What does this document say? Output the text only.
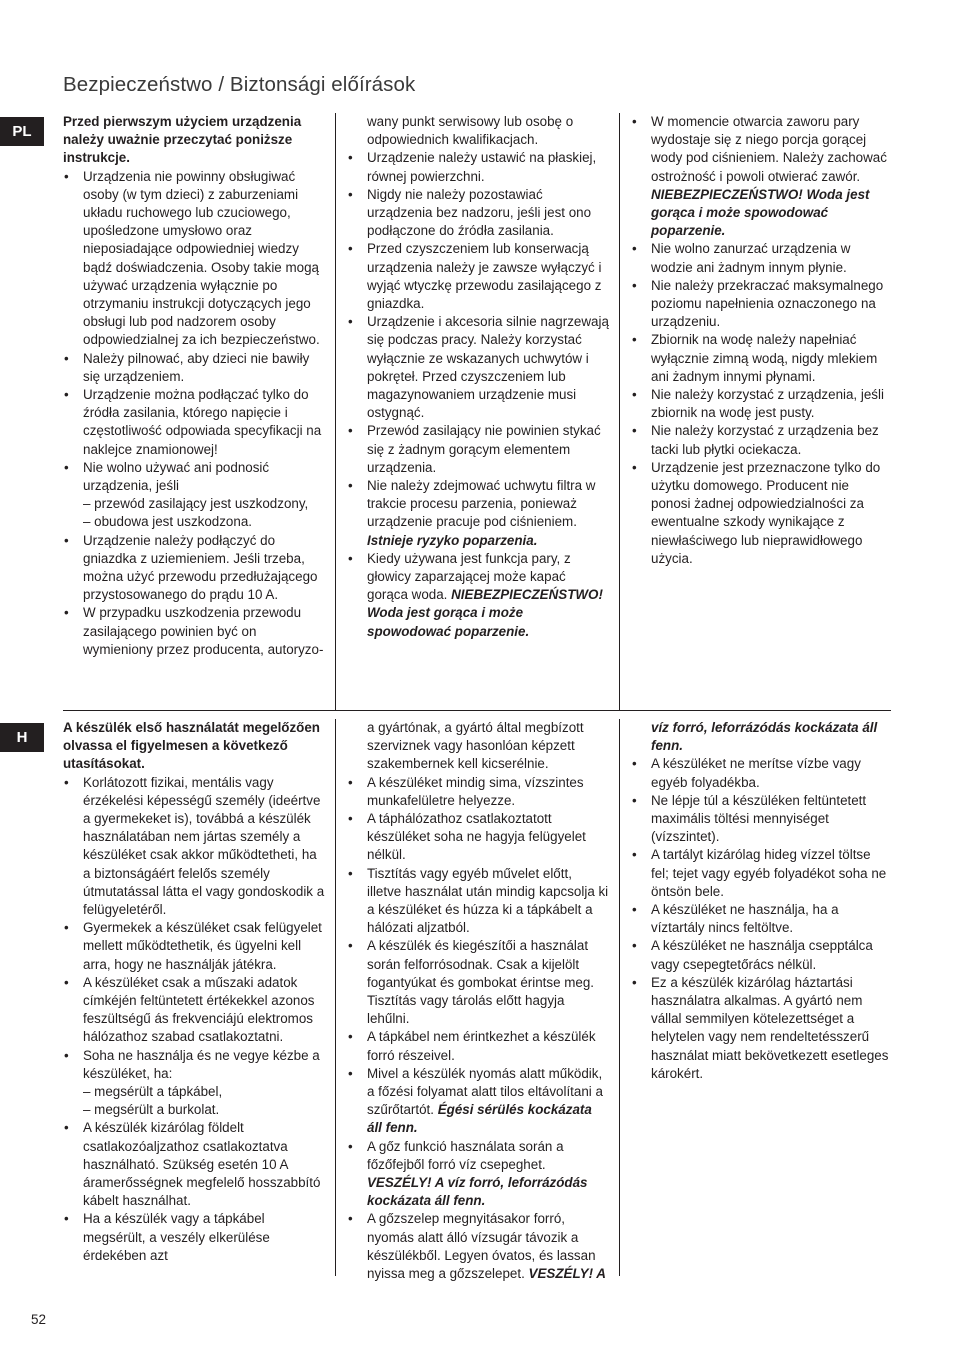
Bezpieczeństwo / Biztonsági előírások
PL
Przed pierwszym użyciem urządzenia należy uważnie przeczytać poniższe instrukcje.
• Urządzenia nie powinny obsługiwać osoby (w tym dzieci) z zaburzeniami układu ruchowego lub czuciowego, upośledzone umysłowo oraz nieposiadające odpowiedniej wiedzy bądź doświadczenia. Osoby takie mogą używać urządzenia wyłącznie po otrzymaniu instrukcji dotyczących jego obsługi lub pod nadzorem osoby odpowiedzialnej za ich bezpieczeństwo.
• Należy pilnować, aby dzieci nie bawiły się urządzeniem.
• Urządzenie można podłączać tylko do źródła zasilania, którego napięcie i częstotliwość odpowiada specyfikacji na naklejce znamionowej!
• Nie wolno używać ani podnosić urządzenia, jeśli
– przewód zasilający jest uszkodzony,
– obudowa jest uszkodzona.
• Urządzenie należy podłączyć do gniazdka z uziemieniem. Jeśli trzeba, można użyć przewodu przedłużającego przystosowanego do prądu 10 A.
• W przypadku uszkodzenia przewodu zasilającego powinien być on wymieniony przez producenta, autoryzo-
wany punkt serwisowy lub osobę o odpowiednich kwalifikacjach.
• Urządzenie należy ustawić na płaskiej, równej powierzchni.
• Nigdy nie należy pozostawiać urządzenia bez nadzoru, jeśli jest ono podłączone do źródła zasilania.
• Przed czyszczeniem lub konserwacją urządzenia należy je zawsze wyłączyć i wyjąć wtyczkę przewodu zasilającego z gniazdka.
• Urządzenie i akcesoria silnie nagrzewają się podczas pracy. Należy korzystać wyłącznie ze wskazanych uchwytów i pokręteł. Przed czyszczeniem lub magazynowaniem urządzenie musi ostygnąć.
• Przewód zasilający nie powinien stykać się z żadnym gorącym elementem urządzenia.
• Nie należy zdejmować uchwytu filtra w trakcie procesu parzenia, ponieważ urządzenie pracuje pod ciśnieniem. Istnieje ryzyko poparzenia.
• Kiedy używana jest funkcja pary, z głowicy zaparzającej może kapać gorąca woda. NIEBEZPIECZEŃSTWO! Woda jest gorąca i może spowodować poparzenie.
• W momencie otwarcia zaworu pary wydostaje się z niego porcja gorącej wody pod ciśnieniem. Należy zachować ostrożność i powoli otwierać zawór. NIEBEZPIECZEŃSTWO! Woda jest gorąca i może spowodować poparzenie.
• Nie wolno zanurzać urządzenia w wodzie ani żadnym innym płynie.
• Nie należy przekraczać maksymalnego poziomu napełnienia oznaczonego na urządzeniu.
• Zbiornik na wodę należy napełniać wyłącznie zimną wodą, nigdy mlekiem ani żadnym innymi płynami.
• Nie należy korzystać z urządzenia, jeśli zbiornik na wodę jest pusty.
• Nie należy korzystać z urządzenia bez tacki lub płytki ociekacza.
• Urządzenie jest przeznaczone tylko do użytku domowego. Producent nie ponosi żadnej odpowiedzialności za ewentualne szkody wynikające z niewłaściwego lub nieprawidłowego użycia.
H
A készülék első használatát megelőzően olvassa el figyelmesen a következő utasításokat.
• Korlátozott fizikai, mentális vagy érzékelési képességű személy (ideértve a gyermekeket is), továbbá a készülék használatában nem jártas személy a készüléket csak akkor működtetheti, ha a biztonságáért felelős személy útmutatással látta el vagy gondoskodik a felügyeletéről.
• Gyermekek a készüléket csak felügyelet mellett működtethetik, és ügyelni kell arra, hogy ne használják játékra.
• A készüléket csak a műszaki adatok címkéjén feltüntetett értékekkel azonos feszültségű ás frekvenciájú elektromos hálózathoz szabad csatlakoztatni.
• Soha ne használja és ne vegye kézbe a készüléket, ha:
– megsérült a tápkábel,
– megsérült a burkolat.
• A készülék kizárólag földelt csatlakozóaljzathoz csatlakoztatva használható. Szükség esetén 10 A áramerősségnek megfelelő hosszabbító kábelt használhat.
• Ha a készülék vagy a tápkábel megsérült, a veszély elkerülése érdekében azt
a gyártónak, a gyártó által megbízott szerviznek vagy hasonlóan képzett szakembernek kell kicserélnie.
• A készüléket mindig sima, vízszintes munkafelületre helyezze.
• A táphálózathoz csatlakoztatott készüléket soha ne hagyja felügyelet nélkül.
• Tisztítás vagy egyéb művelet előtt, illetve használat után mindig kapcsolja ki a készüléket és húzza ki a tápkábelt a hálózati aljzatból.
• A készülék és kiegészítői a használat során felforrósodnak. Csak a kijelölt fogantyúkat és gombokat érintse meg. Tisztítás vagy tárolás előtt hagyja lehűlni.
• A tápkábel nem érintkezhet a készülék forró részeivel.
• Mivel a készülék nyomás alatt működik, a főzési folyamat alatt tilos eltávolítani a szűrőtartót. Égési sérülés kockázata áll fenn.
• A gőz funkció használata során a főzőfejből forró víz csepeghet. VESZÉLY! A víz forró, leforrázódás kockázata áll fenn.
• A gőzszelep megnyitásakor forró, nyomás alatt álló vízsugár távozik a készülékből. Legyen óvatos, és lassan nyissa meg a gőzszelepet. VESZÉLY! A
víz forró, leforrázódás kockázata áll fenn.
• A készüléket ne merítse vízbe vagy egyéb folyadékba.
• Ne lépje túl a készüléken feltüntetett maximális töltési mennyiséget (vízszintet).
• A tartályt kizárólag hideg vízzel töltse fel; tejet vagy egyéb folyadékot soha ne öntsön bele.
• A készüléket ne használja, ha a víztartály nincs feltöltve.
• A készüléket ne használja csepptálca vagy csepegtetőrács nélkül.
• Ez a készülék kizárólag háztartási használatra alkalmas. A gyártó nem vállal semmilyen kötelezettséget a helytelen vagy nem rendeltetésszerű használat miatt bekövetkezett esetleges károkért.
52
